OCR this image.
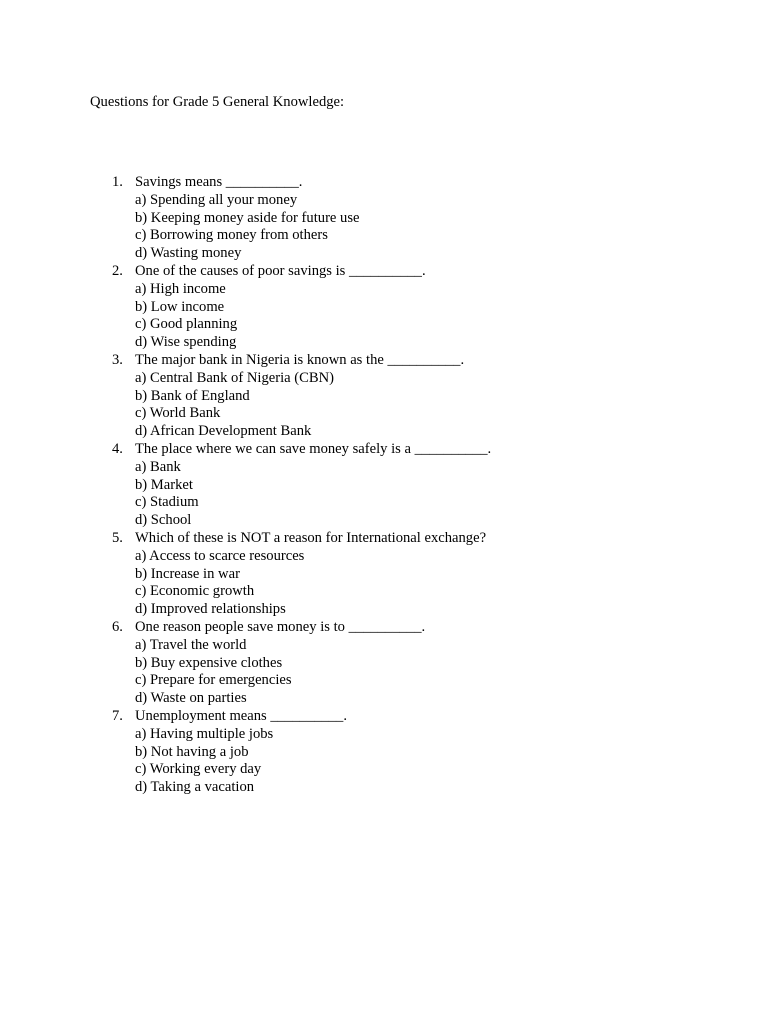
Questions for Grade 5 General Knowledge:
1. Savings means __________.
a) Spending all your money
b) Keeping money aside for future use
c) Borrowing money from others
d) Wasting money
2. One of the causes of poor savings is __________.
a) High income
b) Low income
c) Good planning
d) Wise spending
3. The major bank in Nigeria is known as the __________.
a) Central Bank of Nigeria (CBN)
b) Bank of England
c) World Bank
d) African Development Bank
4. The place where we can save money safely is a __________.
a) Bank
b) Market
c) Stadium
d) School
5. Which of these is NOT a reason for International exchange?
a) Access to scarce resources
b) Increase in war
c) Economic growth
d) Improved relationships
6. One reason people save money is to __________.
a) Travel the world
b) Buy expensive clothes
c) Prepare for emergencies
d) Waste on parties
7. Unemployment means __________.
a) Having multiple jobs
b) Not having a job
c) Working every day
d) Taking a vacation
